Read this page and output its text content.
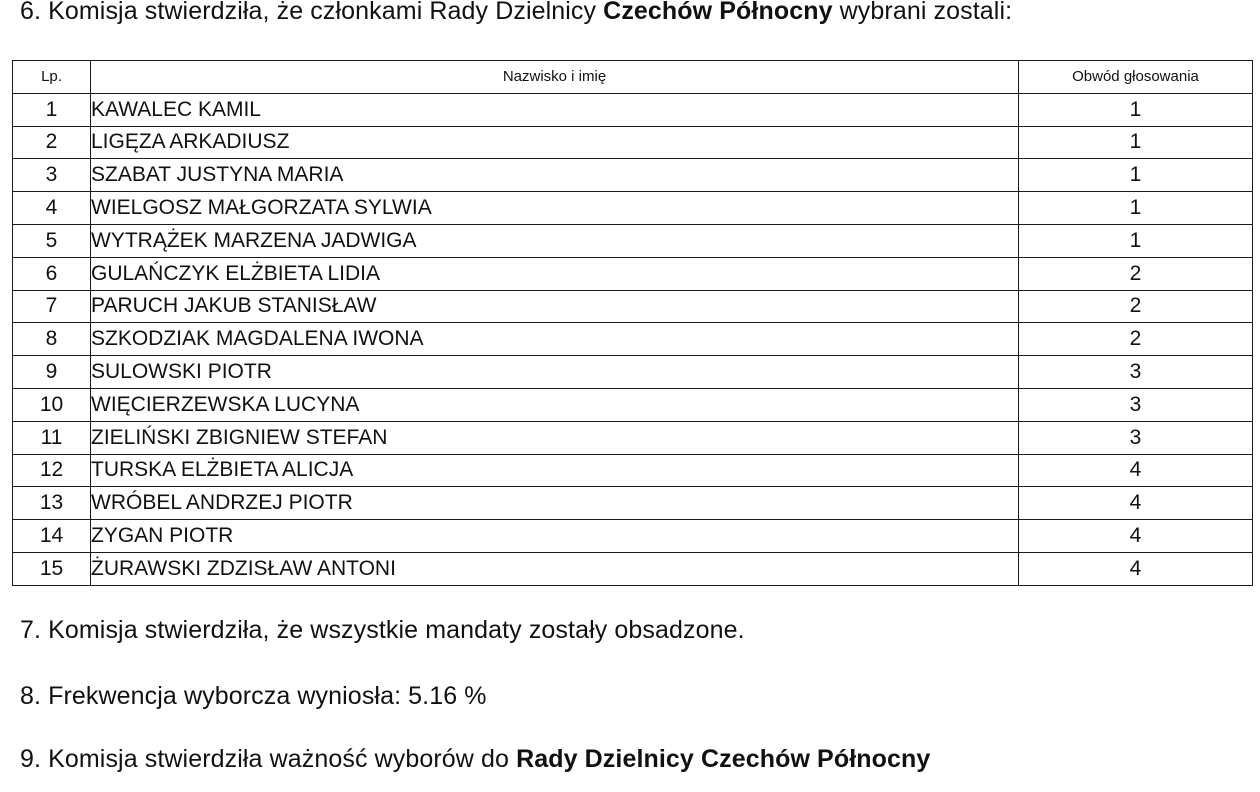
6. Komisja stwierdziła, że członkami Rady Dzielnicy Czechów Północny wybrani zostali:
Lp.	Nazwisko i imię	Obwód głosowania
1	KAWALEC KAMIL	1
2	LIGĘZA ARKADIUSZ	1
3	SZABAT JUSTYNA MARIA	1
4	WIELGOSZ MAŁGORZATA SYLWIA	1
5	WYTRĄŻEK MARZENA JADWIGA	1
6	GULAŃCZYK ELŻBIETA LIDIA	2
7	PARUCH JAKUB STANISŁAW	2
8	SZKODZIAK MAGDALENA IWONA	2
9	SULOWSKI PIOTR	3
10	WIĘCIERZEWSKA LUCYNA	3
11	ZIELIŃSKI ZBIGNIEW STEFAN	3
12	TURSKA ELŻBIETA ALICJA	4
13	WRÓBEL ANDRZEJ PIOTR	4
14	ZYGAN PIOTR	4
15	ŻURAWSKI ZDZISŁAW ANTONI	4
7. Komisja stwierdziła, że wszystkie mandaty zostały obsadzone.
8. Frekwencja wyborcza wyniosła: 5.16 %
9. Komisja stwierdziła ważność wyborów do Rady Dzielnicy Czechów Północny
